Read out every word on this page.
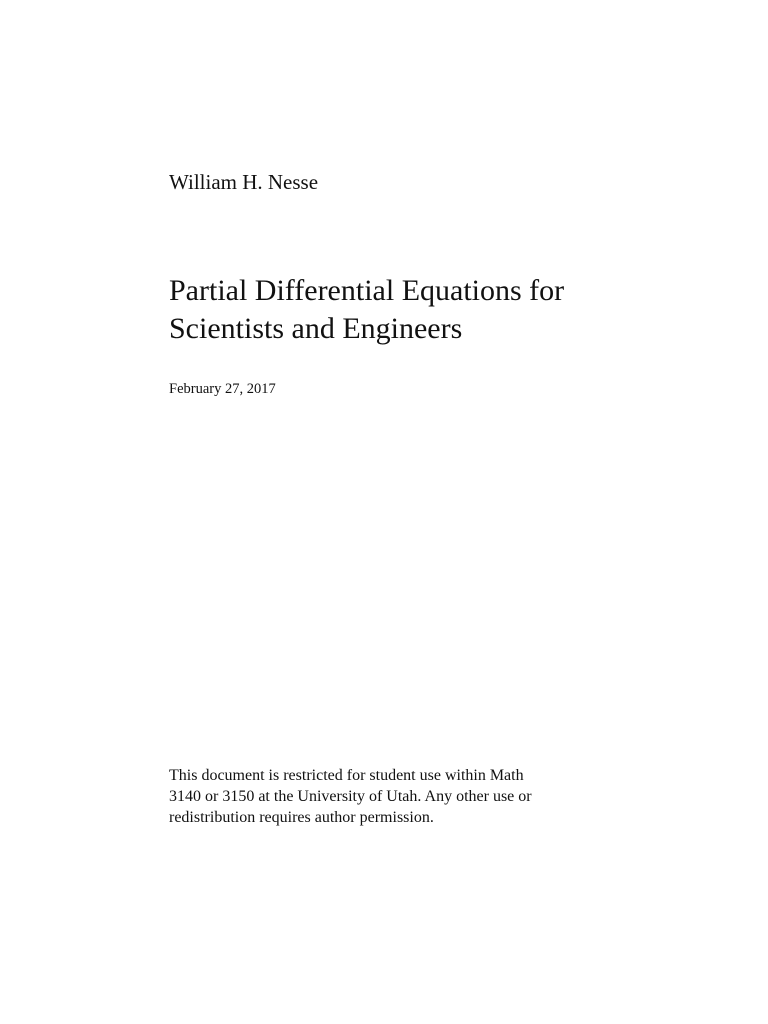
William H. Nesse
Partial Differential Equations for
Scientists and Engineers
February 27, 2017
This document is restricted for student use within Math
3140 or 3150 at the University of Utah. Any other use or
redistribution requires author permission.
